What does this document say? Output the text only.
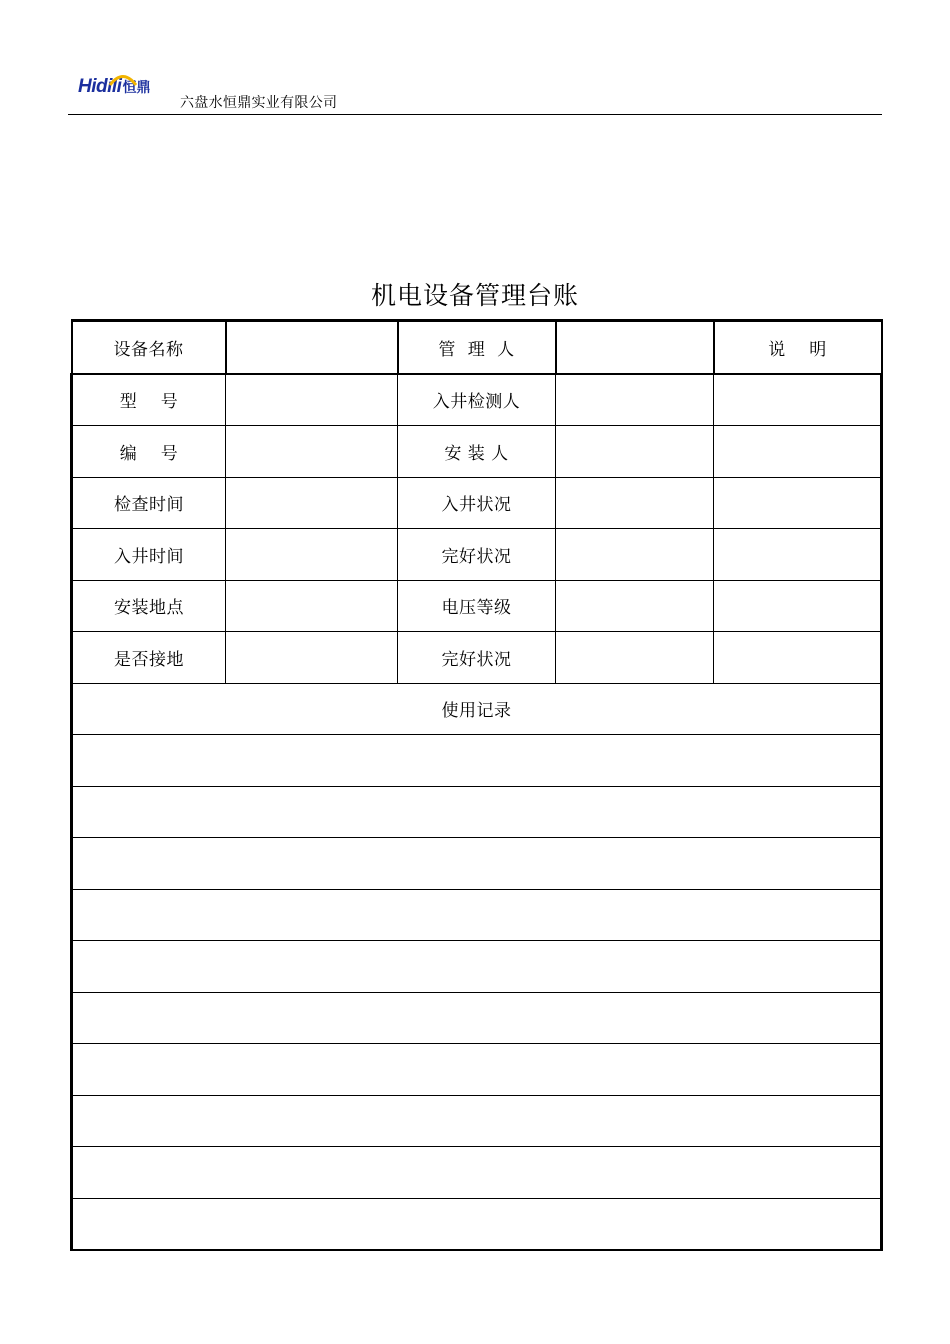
Hidili 恒鼎
六盘水恒鼎实业有限公司
机电设备管理台账
设备名称		管 理 人		说    明
型    号		入井检测人		
编    号		安 装 人		
检查时间		入井状况		
入井时间		完好状况		
安装地点		电压等级		
是否接地		完好状况		
使用记录				
